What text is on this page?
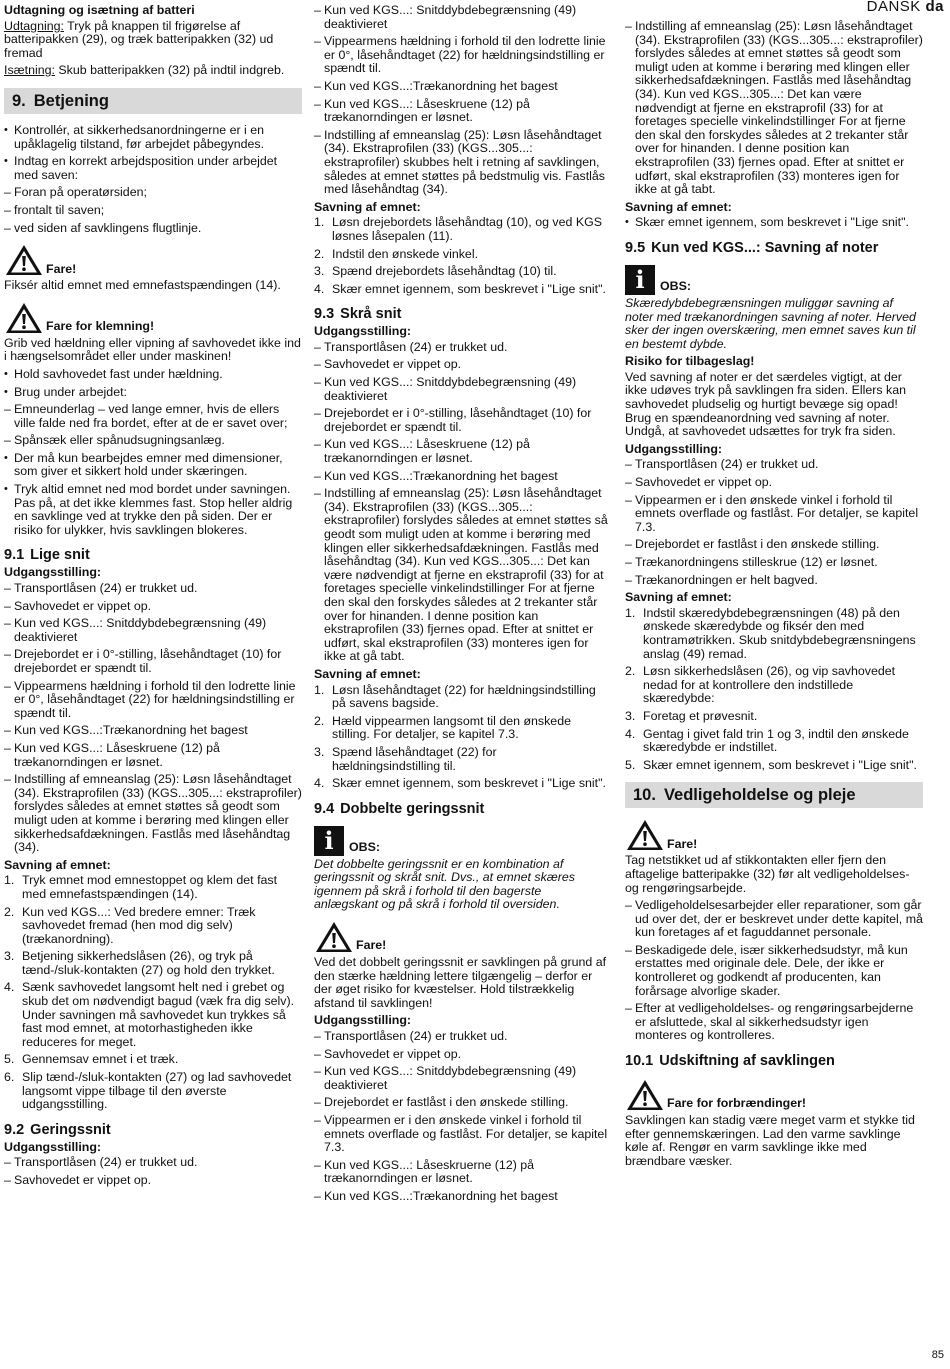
DANSK da

Udtagning og isætning af batteri

Udtagning: Tryk på knappen til frigørelse af batteripakken (29), og træk batteripakken (32) ud fremad

Isætning: Skub batteripakken (32) på indtil indgreb.

9. Betjening
• Kontrollér, at sikkerhedsanordningerne er i en upåklagelig tilstand, før arbejdet påbegyndes.
• Indtag en korrekt arbejdsposition under arbejdet med saven:
– Foran på operatørsiden;
– frontalt til saven;
– ved siden af savklingens flugtlinje.
Fare!

Fiksér altid emnet med emnefastspændingen (14).

Fare for klemning!

Grib ved hældning eller vipning af savhovedet ikke ind i hængselsområdet eller under maskinen!

• Hold savhovedet fast under hældning.
• Brug under arbejdet:
– Emneunderlag – ved lange emner, hvis de ellers ville falde ned fra bordet, efter at de er savet over;
– Spånsæk eller spånudsugningsanlæg.
• Der må kun bearbejdes emner med dimensioner, som giver et sikkert hold under skæringen.
• Tryk altid emnet ned mod bordet under savningen. Pas på, at det ikke klemmes fast. Stop heller aldrig en savklinge ved at trykke den på siden. Der er risiko for ulykker, hvis savklingen blokeres.
9.1 Lige snit

Udgangsstilling:

– Transportlåsen (24) er trukket ud.
– Savhovedet er vippet op.
– Kun ved KGS...: Snitddybdebegrænsning (49) deaktivieret
– Drejebordet er i 0°-stilling, låsehåndtaget (10) for drejebordet er spændt til.
– Vippearmens hældning i forhold til den lodrette linie er 0°, låsehåndtaget (22) for hældningsindstilling er spændt til.
– Kun ved KGS...:Trækanordning het bagest
– Kun ved KGS...: Låseskruene (12) på trækanorndingen er løsnet.
– Indstilling af emneanslag (25): Løsn låsehåndtaget (34). Ekstraprofilen (33) (KGS...305...: ekstraprofiler) forslydes således at emnet støttes så geodt som muligt uden at komme i berøring med klingen eller sikkerhedsafdækningen. Fastlås med låsehåndtag (34).

Savning af emnet:

1. Tryk emnet mod emnestoppet og klem det fast med emnefastspændingen (14).
2. Kun ved KGS...: Ved bredere emner: Træk savhovedet fremad (hen mod dig selv) (trækanordning).
3. Betjening sikkerhedslåsen (26), og tryk på tænd-/sluk-kontakten (27) og hold den trykket.
4. Sænk savhovedet langsomt helt ned i grebet og skub det om nødvendigt bagud (væk fra dig selv). Under savningen må savhovedet kun trykkes så fast mod emnet, at motorhastigheden ikke reduceres for meget.
5. Gennemsav emnet i et træk.
6. Slip tænd-/sluk-kontakten (27) og lad savhovedet langsomt vippe tilbage til den øverste udgangsstilling.
9.2 Geringssnit

Udgangsstilling:

– Transportlåsen (24) er trukket ud.
– Savhovedet er vippet op.
– Kun ved KGS...: Snitddybdebegrænsning (49) deaktivieret
– Vippearmens hældning i forhold til den lodrette linie er 0°, låsehåndtaget (22) for hældningsindstilling er spændt til.
– Kun ved KGS...:Trækanordning het bagest
– Kun ved KGS...: Låseskruene (12) på trækanorndingen er løsnet.
– Indstilling af emneanslag (25): Løsn låsehåndtaget (34). Ekstraprofilen (33) (KGS...305...: ekstraprofiler) skubbes helt i retning af savklingen, således at emnet støttes på bedstmulig vis. Fastlås med låsehåndtag (34).

Savning af emnet:

1. Løsn drejebordets låsehåndtag (10), og ved KGS løsnes låsepalen (11).
2. Indstil den ønskede vinkel.
3. Spænd drejebordets låsehåndtag (10) til.
4. Skær emnet igennem, som beskrevet i "Lige snit".
9.3 Skrå snit

Udgangsstilling:

– Transportlåsen (24) er trukket ud.
– Savhovedet er vippet op.
– Kun ved KGS...: Snitddybdebegrænsning (49) deaktivieret
– Drejebordet er i 0°-stilling, låsehåndtaget (10) for drejebordet er spændt til.
– Kun ved KGS...: Låseskruene (12) på trækanorndingen er løsnet.
– Kun ved KGS...:Trækanordning het bagest
– Indstilling af emneanslag (25): Løsn låsehåndtaget (34). Ekstraprofilen (33) (KGS...305...: ekstraprofiler) forslydes således at emnet støttes så geodt som muligt uden at komme i berøring med klingen eller sikkerhedsafdækningen. Fastlås med låsehåndtag (34). Kun ved KGS...305...: Det kan være nødvendigt at fjerne en ekstraprofil (33) for at foretages specielle vinkelindstillinger For at fjerne den skal den forskydes således at 2 trekanter står over for hinanden. I denne position kan ekstraprofilen (33) fjernes opad. Efter at snittet er udført, skal ekstraprofilen (33) monteres igen for ikke at gå tabt.

Savning af emnet:

1. Løsn låsehåndtaget (22) for hældningsindstilling på savens bagside.
2. Hæld vippearmen langsomt til den ønskede stilling. For detaljer, se kapitel 7.3.
3. Spænd låsehåndtaget (22) for hældningsindstilling til.
4. Skær emnet igennem, som beskrevet i "Lige snit".
9.4 Dobbelte geringssnit
i	OBS:

Det dobbelte geringssnit er en kombination af geringssnit og skråt snit. Dvs., at emnet skæres igennem på skrå i forhold til den bagerste anlægskant og på skrå i forhold til oversiden.

Fare!

Ved det dobbelt geringssnit er savklingen på grund af den stærke hældning lettere tilgængelig – derfor er der øget risiko for kvæstelser. Hold tilstrækkelig afstand til savklingen!

Udgangsstilling:

– Transportlåsen (24) er trukket ud.
– Savhovedet er vippet op.
– Kun ved KGS...: Snitddybdebegrænsning (49) deaktivieret
– Drejebordet er fastlåst i den ønskede stilling.
– Vippearmen er i den ønskede vinkel i forhold til emnets overflade og fastlåst. For detaljer, se kapitel 7.3.
– Kun ved KGS...: Låseskruerne (12) på trækanorndingen er løsnet.
– Kun ved KGS...:Trækanordning het bagest
– Indstilling af emneanslag (25): Løsn låsehåndtaget (34). Ekstraprofilen (33) (KGS...305...: ekstraprofiler) forslydes således at emnet støttes så geodt som muligt uden at komme i berøring med klingen eller sikkerhedsafdækningen. Fastlås med låsehåndtag (34). Kun ved KGS...305...: Det kan være nødvendigt at fjerne en ekstraprofil (33) for at foretages specielle vinkelindstillinger For at fjerne den skal den forskydes således at 2 trekanter står over for hinanden. I denne position kan ekstraprofilen (33) fjernes opad. Efter at snittet er udført, skal ekstraprofilen (33) monteres igen for ikke at gå tabt.

Savning af emnet:

• Skær emnet igennem, som beskrevet i "Lige snit".
9.5 Kun ved KGS...: Savning af noter
i	OBS:

Skæredybdebegrænsningen muliggør savning af noter med trækanordningen savning af noter. Herved sker der ingen overskæring, men emnet saves kun til en bestemt dybde.

Risiko for tilbageslag!

Ved savning af noter er det særdeles vigtigt, at der ikke udøves tryk på savklingen fra siden. Ellers kan savhovedet pludselig og hurtigt bevæge sig opad! Brug en spændeanordning ved savning af noter. Undgå, at savhovedet udsættes for tryk fra siden.

Udgangsstilling:

– Transportlåsen (24) er trukket ud.
– Savhovedet er vippet op.
– Vippearmen er i den ønskede vinkel i forhold til emnets overflade og fastlåst. For detaljer, se kapitel 7.3.
– Drejebordet er fastlåst i den ønskede stilling.
– Trækanordningens stilleskrue (12) er løsnet.
– Trækanordningen er helt bagved.

Savning af emnet:

1. Indstil skæredybdebegrænsningen (48) på den ønskede skæredybde og fiksér den med kontramøtrikken. Skub snitdybdebegrænsningens anslag (49) remad.
2. Løsn sikkerhedslåsen (26), og vip savhovedet nedad for at kontrollere den indstillede skæredybde:
3. Foretag et prøvesnit.
4. Gentag i givet fald trin 1 og 3, indtil den ønskede skæredybde er indstillet.
5. Skær emnet igennem, som beskrevet i "Lige snit".
10. Vedligeholdelse og pleje
Fare!

Tag netstikket ud af stikkontakten eller fjern den aftagelige batteripakke (32) før alt vedligeholdelses- og rengøringsarbejde.

– Vedligeholdelsesarbejder eller reparationer, som går ud over det, der er beskrevet under dette kapitel, må kun foretages af et faguddannet personale.
– Beskadigede dele, især sikkerhedsudstyr, må kun erstattes med originale dele. Dele, der ikke er kontrolleret og godkendt af producenten, kan forårsage alvorlige skader.
– Efter at vedligeholdelses- og rengøringsarbejderne er afsluttede, skal al sikkerhedsudstyr igen monteres og kontrolleres.
10.1 Udskiftning af savklingen
Fare for forbrændinger!

Savklingen kan stadig være meget varm et stykke tid efter gennemskæringen. Lad den varme savklinge køle af. Rengør en varm savklinge ikke med brændbare væsker.

85
